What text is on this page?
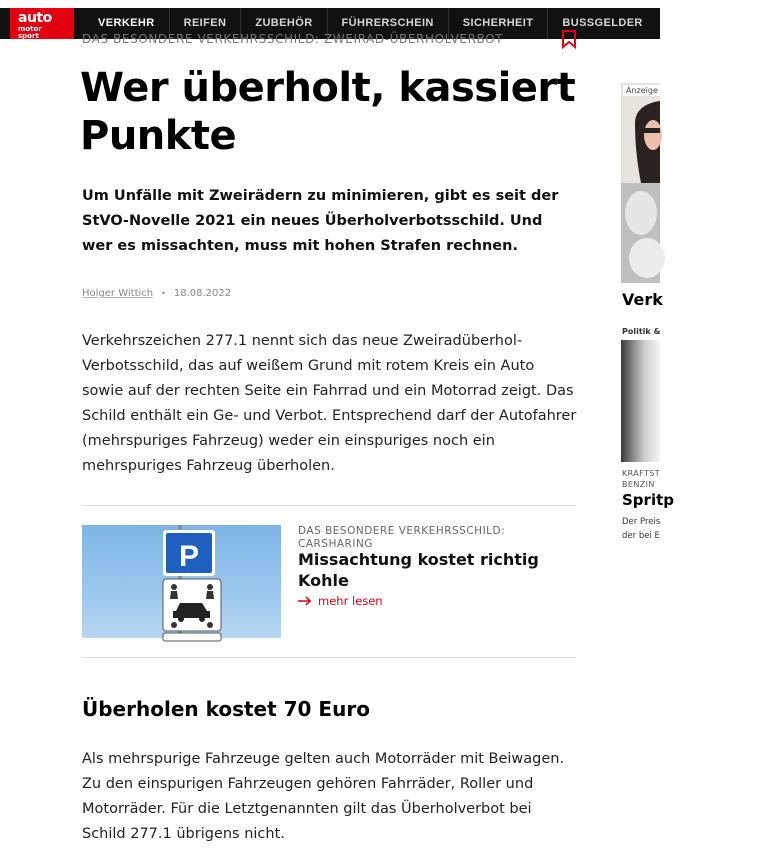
auto
motor
sport
VERKEHR	REIFEN	ZUBEHÖR	FÜHRERSCHEIN	SICHERHEIT	BUSSGELDER	POLITIK & WI
DAS BESONDERE VERKEHRSSCHILD: ZWEIRAD-ÜBERHOLVERBOT
Wer überholt, kassiert Punkte

Um Unfälle mit Zweirädern zu minimieren, gibt es seit der StVO-Novelle 2021 ein neues Überholverbotsschild. Und wer es missachten, muss mit hohen Strafen rechnen.

Holger Wittich • 18.08.2022

Verkehrszeichen 277.1 nennt sich das neue Zweiradüberhol-Verbotsschild, das auf weißem Grund mit rotem Kreis ein Auto sowie auf der rechten Seite ein Fahrrad und ein Motorrad zeigt. Das Schild enthält ein Ge- und Verbot. Entsprechend darf der Autofahrer (mehrspuriges Fahrzeug) weder ein einspuriges noch ein mehrspuriges Fahrzeug überholen.

P
DAS BESONDERE VERKEHRSSCHILD: CARSHARING
Missachtung kostet richtig Kohle
mehr lesen
Überholen kostet 70 Euro

Als mehrspurige Fahrzeuge gelten auch Motorräder mit Beiwagen. Zu den einspurigen Fahrzeugen gehören Fahrräder, Roller und Motorräder. Für die Letztgenannten gilt das Überholverbot bei Schild 277.1 übrigens nicht.

Anzeige
Verk
Politik &
KRAFTST
BENZIN
Spritp
Der Preis
der bei E
